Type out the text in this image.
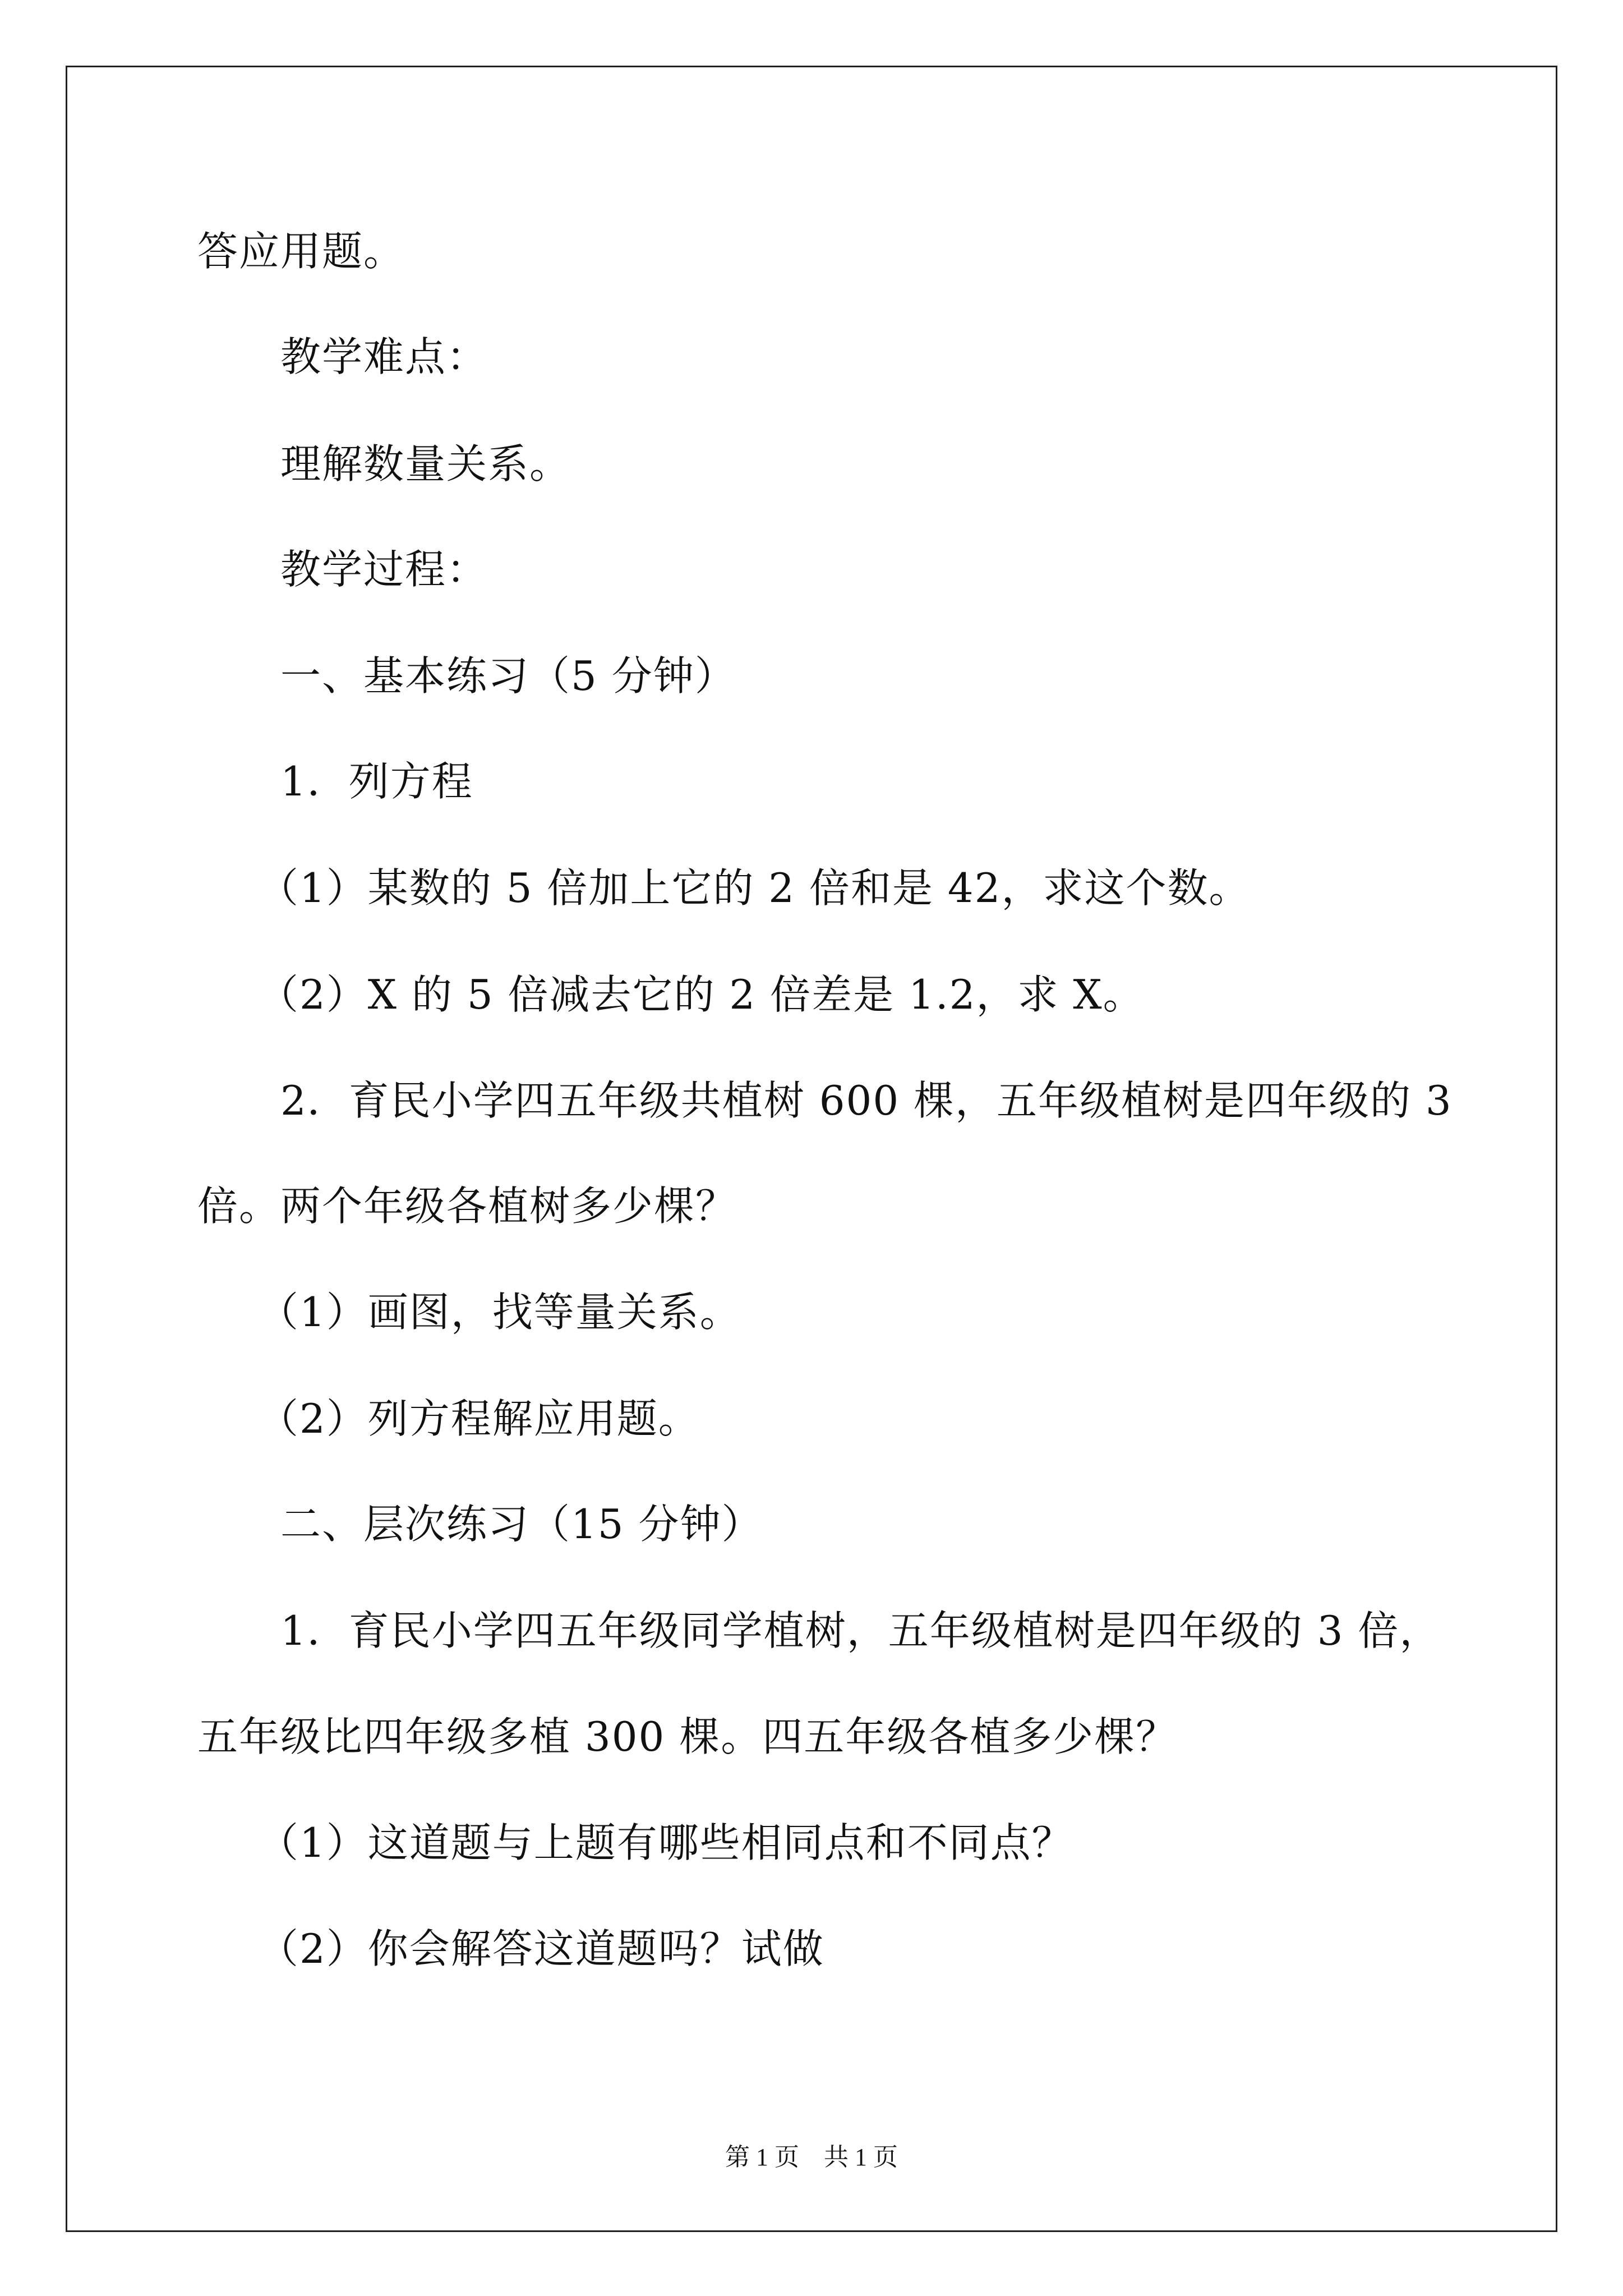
答应用题。
教学难点：
理解数量关系。
教学过程：
一、基本练习（5 分钟）
1．列方程
（1）某数的 5 倍加上它的 2 倍和是 42，求这个数。
（2）X 的 5 倍减去它的 2 倍差是 1.2，求 X。
2．育民小学四五年级共植树 600 棵，五年级植树是四年级的 3
倍。两个年级各植树多少棵？
（1）画图，找等量关系。
（2）列方程解应用题。
二、层次练习（15 分钟）
1．育民小学四五年级同学植树，五年级植树是四年级的 3 倍，
五年级比四年级多植 300 棵。四五年级各植多少棵？
（1）这道题与上题有哪些相同点和不同点？
（2）你会解答这道题吗？试做
第 1 页　共 1 页
